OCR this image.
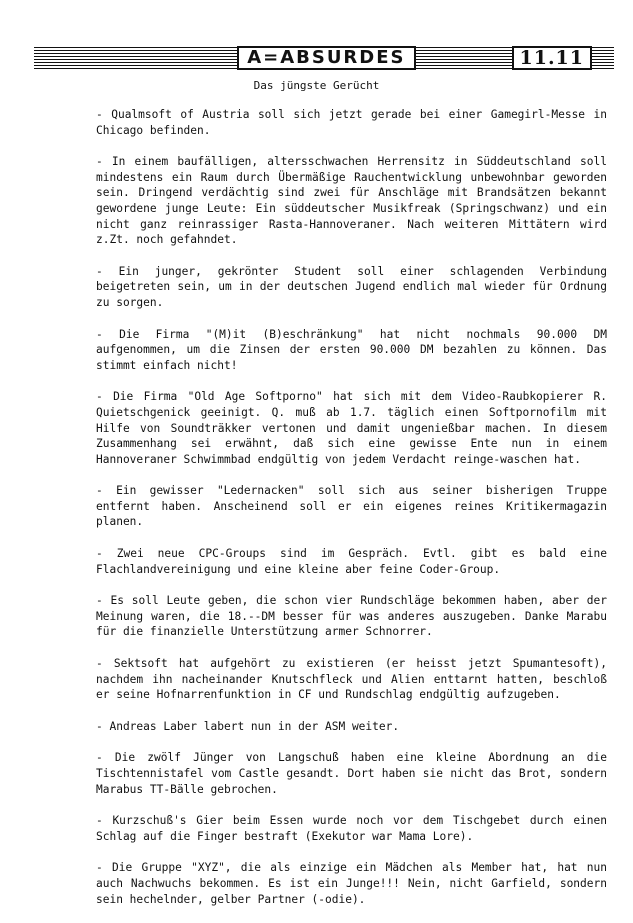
A=ABSURDES	11.11
Das jüngste Gerücht

- Qualmsoft of Austria soll sich jetzt gerade bei einer Gamegirl-Messe in Chicago befinden.

- In einem baufälligen, altersschwachen Herrensitz in Süddeutschland soll mindestens ein Raum durch Übermäßige Rauchentwicklung unbewohnbar geworden sein. Dringend verdächtig sind zwei für Anschläge mit Brandsätzen bekannt gewordene junge Leute: Ein süddeutscher Musikfreak (Springschwanz) und ein nicht ganz reinrassiger Rasta-Hannoveraner. Nach weiteren Mittätern wird z.Zt. noch gefahndet.

- Ein junger, gekrönter Student soll einer schlagenden Verbindung beigetreten sein, um in der deutschen Jugend endlich mal wieder für Ordnung zu sorgen.

- Die Firma "(M)it (B)eschränkung" hat nicht nochmals 90.000 DM aufgenommen, um die Zinsen der ersten 90.000 DM bezahlen zu können. Das stimmt einfach nicht!

- Die Firma "Old Age Softporno" hat sich mit dem Video-Raubkopierer R. Quietschgenick geeinigt. Q. muß ab 1.7. täglich einen Softpornofilm mit Hilfe von Soundträkker vertonen und damit ungenießbar machen. In diesem Zusammenhang sei erwähnt, daß sich eine gewisse Ente nun in einem Hannoveraner Schwimmbad endgültig von jedem Verdacht reinge-waschen hat.

- Ein gewisser "Ledernacken" soll sich aus seiner bisherigen Truppe entfernt haben. Anscheinend soll er ein eigenes reines Kritikermagazin planen.

- Zwei neue CPC-Groups sind im Gespräch. Evtl. gibt es bald eine Flachlandvereinigung und eine kleine aber feine Coder-Group.

- Es soll Leute geben, die schon vier Rundschläge bekommen haben, aber der Meinung waren, die 18.--DM besser für was anderes auszugeben. Danke Marabu für die finanzielle Unterstützung armer Schnorrer.

- Sektsoft hat aufgehört zu existieren (er heisst jetzt Spumantesoft), nachdem ihn nacheinander Knutschfleck und Alien enttarnt hatten, beschloß er seine Hofnarrenfunktion in CF und Rundschlag endgültig aufzugeben.

- Andreas Laber labert nun in der ASM weiter.

- Die zwölf Jünger von Langschuß haben eine kleine Abordnung an die Tischtennistafel vom Castle gesandt. Dort haben sie nicht das Brot, sondern Marabus TT-Bälle gebrochen.

- Kurzschuß's Gier beim Essen wurde noch vor dem Tischgebet durch einen Schlag auf die Finger bestraft (Exekutor war Mama Lore).

- Die Gruppe "XYZ", die als einzige ein Mädchen als Member hat, hat nun auch Nachwuchs bekommen. Es ist ein Junge!!! Nein, nicht Garfield, sondern sein hechelnder, gelber Partner (-odie).
